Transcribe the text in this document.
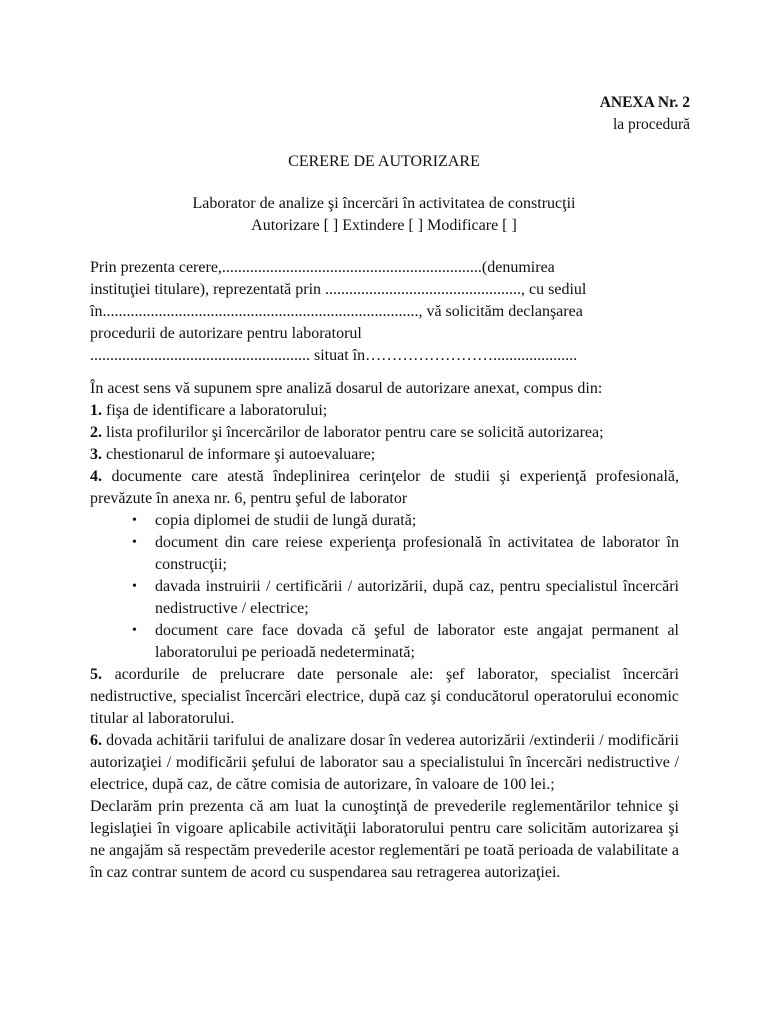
ANEXA Nr. 2
la procedură
CERERE DE AUTORIZARE
Laborator de analize şi încercări în activitatea de construcţii
Autorizare [ ] Extindere [ ] Modificare [ ]
Prin prezenta cerere,.................................................................(denumirea
instituţiei titulare), reprezentată prin ................................................., cu sediul
în..............................................................................., vă solicităm declanşarea
procedurii de autorizare pentru laboratorul
....................................................... situat în…………………….....................

În acest sens vă supunem spre analiză dosarul de autorizare anexat, compus din:

1. fişa de identificare a laboratorului;

2. lista profilurilor şi încercărilor de laborator pentru care se solicită autorizarea;

3. chestionarul de informare şi autoevaluare;

4. documente care atestă îndeplinirea cerinţelor de studii şi experienţă profesională, prevăzute în anexa nr. 6, pentru şeful de laborator

• copia diplomei de studii de lungă durată;
• document din care reiese experienţa profesională în activitatea de laborator în construcţii;
• davada instruirii / certificării / autorizării, după caz, pentru specialistul încercări nedistructive / electrice;
• document care face dovada că şeful de laborator este angajat permanent al laboratorului pe perioadă nedeterminată;

5. acordurile de prelucrare date personale ale: şef laborator, specialist încercări nedistructive, specialist încercări electrice, după caz şi conducătorul operatorului economic titular al laboratorului.

6. dovada achitării tarifului de analizare dosar în vederea autorizării /extinderii / modificării autorizaţiei / modificării şefului de laborator sau a specialistului în încercări nedistructive / electrice, după caz, de către comisia de autorizare, în valoare de 100 lei.;

Declarăm prin prezenta că am luat la cunoştinţă de prevederile reglementărilor tehnice şi legislaţiei în vigoare aplicabile activităţii laboratorului pentru care solicităm autorizarea şi ne angajăm să respectăm prevederile acestor reglementări pe toată perioada de valabilitate a în caz contrar suntem de acord cu suspendarea sau retragerea autorizaţiei.
